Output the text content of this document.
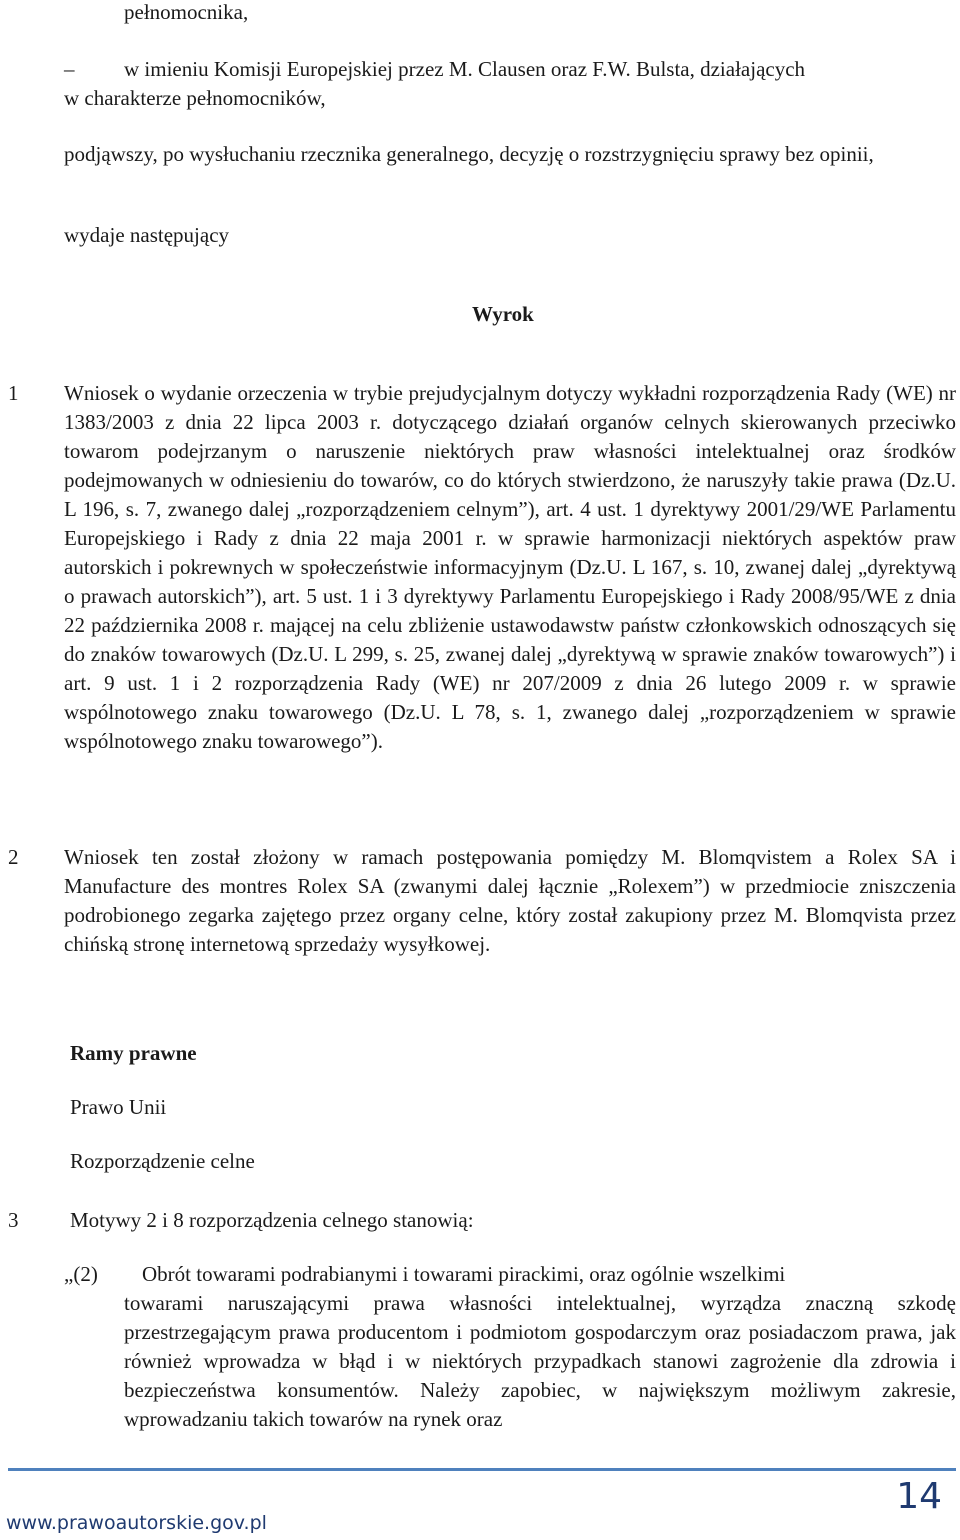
pełnomocnika,
– w imieniu Komisji Europejskiej przez M. Clausen oraz F.W. Bulsta, działających
w charakterze pełnomocników,
podjąwszy, po wysłuchaniu rzecznika generalnego, decyzję o rozstrzygnięciu sprawy bez opinii,
wydaje następujący
Wyrok
1 Wniosek o wydanie orzeczenia w trybie prejudycjalnym dotyczy wykładni rozporządzenia Rady (WE) nr 1383/2003 z dnia 22 lipca 2003 r. dotyczącego działań organów celnych skierowanych przeciwko towarom podejrzanym o naruszenie niektórych praw własności intelektualnej oraz środków podejmowanych w odniesieniu do towarów, co do których stwierdzono, że naruszyły takie prawa (Dz.U. L 196, s. 7, zwanego dalej „rozporządzeniem celnym”), art. 4 ust. 1 dyrektywy 2001/29/WE Parlamentu Europejskiego i Rady z dnia 22 maja 2001 r. w sprawie harmonizacji niektórych aspektów praw autorskich i pokrewnych w społeczeństwie informacyjnym (Dz.U. L 167, s. 10, zwanej dalej „dyrektywą o prawach autorskich”), art. 5 ust. 1 i 3 dyrektywy Parlamentu Europejskiego i Rady 2008/95/WE z dnia 22 października 2008 r. mającej na celu zbliżenie ustawodawstw państw członkowskich odnoszących się do znaków towarowych (Dz.U. L 299, s. 25, zwanej dalej „dyrektywą w sprawie znaków towarowych”) i art. 9 ust. 1 i 2 rozporządzenia Rady (WE) nr 207/2009 z dnia 26 lutego 2009 r. w sprawie wspólnotowego znaku towarowego (Dz.U. L 78, s. 1, zwanego dalej „rozporządzeniem w sprawie wspólnotowego znaku towarowego”).
2 Wniosek ten został złożony w ramach postępowania pomiędzy M. Blomqvistem a Rolex SA i Manufacture des montres Rolex SA (zwanymi dalej łącznie „Rolexem”) w przedmiocie zniszczenia podrobionego zegarka zajętego przez organy celne, który został zakupiony przez M. Blomqvista przez chińską stronę internetową sprzedaży wysyłkowej.
Ramy prawne
Prawo Unii
Rozporządzenie celne
3 Motywy 2 i 8 rozporządzenia celnego stanowią:
„(2) Obrót towarami podrabianymi i towarami pirackimi, oraz ogólnie wszelkimi
towarami naruszającymi prawa własności intelektualnej, wyrządza znaczną szkodę przestrzegającym prawa producentom i podmiotom gospodarczym oraz posiadaczom prawa, jak również wprowadza w błąd i w niektórych przypadkach stanowi zagrożenie dla zdrowia i bezpieczeństwa konsumentów. Należy zapobiec, w największym możliwym zakresie, wprowadzaniu takich towarów na rynek oraz
www.prawoautorskie.gov.pl
14
